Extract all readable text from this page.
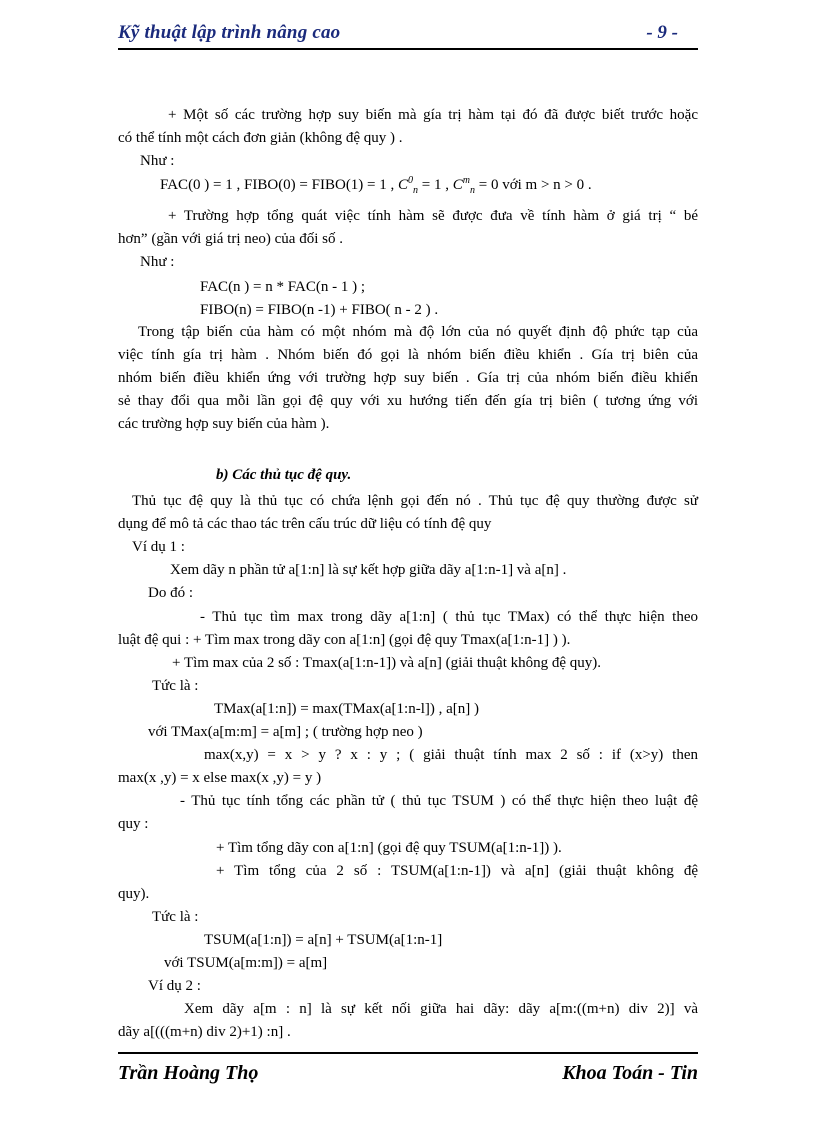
Kỹ thuật lập trình nâng cao	- 9 -
+ Một số các trường hợp suy biến mà gía trị hàm tại đó đã được biết trước hoặc
có thể tính một cách đơn giản (không đệ quy ) .
Như :
FAC(0 ) = 1 , FIBO(0) = FIBO(1) = 1 , $C^0_n = 1$ , $C^m_n = 0$ với m > n > 0 .
+ Trường hợp tổng quát việc tính hàm sẽ được đưa về tính hàm ở giá trị “ bé
hơn” (gần với giá trị neo) của đối số .
Như :
FAC(n ) = n * FAC(n - 1 ) ;
FIBO(n) = FIBO(n -1) + FIBO( n - 2 ) .
Trong tập biến của hàm có một nhóm mà độ lớn của nó quyết định độ phức tạp của
việc tính gía trị hàm . Nhóm biến đó gọi là nhóm biến điều khiển . Gía trị biên của
nhóm biến điều khiển ứng với trường hợp suy biến . Gía trị của nhóm biến điều khiển
sẻ thay đổi qua mỗi lần gọi đệ quy với xu hướng tiến đến gía trị biên ( tương ứng với
các trường hợp suy biến của hàm ).
b) Các thủ tục đệ quy.
Thủ tục đệ quy là thủ tục có chứa lệnh gọi đến nó . Thủ tục đệ quy thường được sử
dụng để mô tả các thao tác trên cấu trúc dữ liệu có tính đệ quy
Ví dụ 1 :
Xem dãy n phần tử a[1:n] là sự kết hợp giữa dãy a[1:n-1] và a[n] .
Do đó :
- Thủ tục tìm max trong dãy a[1:n] ( thủ tục TMax) có thể thực hiện theo
luật đệ qui : + Tìm max trong dãy con a[1:n] (gọi đệ quy Tmax(a[1:n-1] ) ).
+ Tìm max của 2 số : Tmax(a[1:n-1]) và a[n] (giải thuật không đệ quy).
Tức là :
TMax(a[1:n]) = max(TMax(a[1:n-l]) , a[n] )
với TMax(a[m:m] = a[m] ; ( trường hợp neo )
max(x,y) = x > y ? x : y ; ( giải thuật tính max 2 số : if (x>y) then
max(x ,y) = x else max(x ,y) = y )
- Thủ tục tính tổng các phần tử ( thủ tục TSUM ) có thể thực hiện theo luật đệ
quy :
+ Tìm tổng dãy con a[1:n] (gọi đệ quy TSUM(a[1:n-1]) ).
+ Tìm tổng của 2 số : TSUM(a[1:n-1]) và a[n] (giải thuật không đệ
quy).
Tức là :
TSUM(a[1:n]) = a[n] + TSUM(a[1:n-1]
với TSUM(a[m:m]) = a[m]
Ví dụ 2 :
Xem dãy a[m : n] là sự kết nối giữa hai dãy: dãy a[m:((m+n) div 2)] và
dãy a[(((m+n) div 2)+1) :n] .
Trần Hoàng Thọ	Khoa Toán - Tin
